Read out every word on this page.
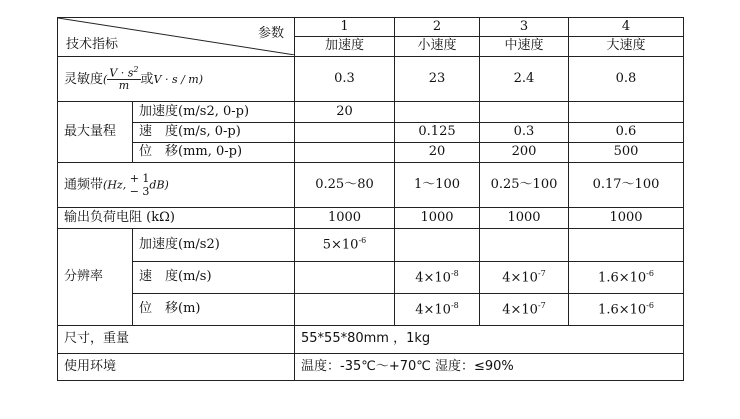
参数
技术指标		1	2	3	4
		加速度	小速度	中速度	大速度
灵敏度( $\frac{V \cdot s^2}{m}$ 或V · s / m)		0.3	23	2.4	0.8
最大量程	加速度(m/s2, 0-p)	20			
	速　度(m/s, 0-p)		0.125	0.3	0.6
	位　移(mm, 0-p)		20	200	500
通频带(Hz,
+ 1
− 3 dB)		0.25～80	1～100	0.25～100	0.17～100
输出负荷电阻 (kΩ)		1000	1000	1000	1000
分辨率	加速度(m/s2)	$5\times 10^{-6}$			
	速　度(m/s)		$4\times 10^{-8}$	$4\times 10^{-7}$	$1.6\times 10^{-6}$
	位　移(m)		$4\times 10^{-8}$	$4\times 10^{-7}$	$1.6\times 10^{-6}$
尺寸，重量		55*55*80mm ，1kg			
使用环境		温度：-35℃～+70℃ 湿度：≤90%			
